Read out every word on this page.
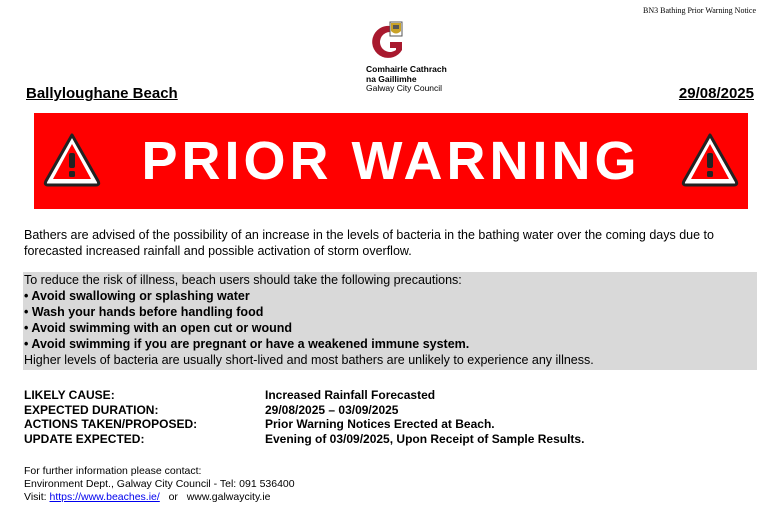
BN3 Bathing Prior Warning Notice
Comhairle Cathrach
na Gaillimhe
Galway City Council
Ballyloughane Beach	29/08/2025
PRIOR WARNING
Bathers are advised of the possibility of an increase in the levels of bacteria in the bathing water over the coming days due to forecasted increased rainfall and possible activation of storm overflow.
To reduce the risk of illness, beach users should take the following precautions:
• Avoid swallowing or splashing water
• Wash your hands before handling food
• Avoid swimming with an open cut or wound
• Avoid swimming if you are pregnant or have a weakened immune system.
Higher levels of bacteria are usually short-lived and most bathers are unlikely to experience any illness.
LIKELY CAUSE:	Increased Rainfall Forecasted
EXPECTED DURATION:	29/08/2025 – 03/09/2025
ACTIONS TAKEN/PROPOSED:	Prior Warning Notices Erected at Beach.
UPDATE EXPECTED:	Evening of 03/09/2025, Upon Receipt of Sample Results.
For further information please contact:
Environment Dept., Galway City Council - Tel: 091 536400
Visit: https://www.beaches.ie/ or www.galwaycity.ie
